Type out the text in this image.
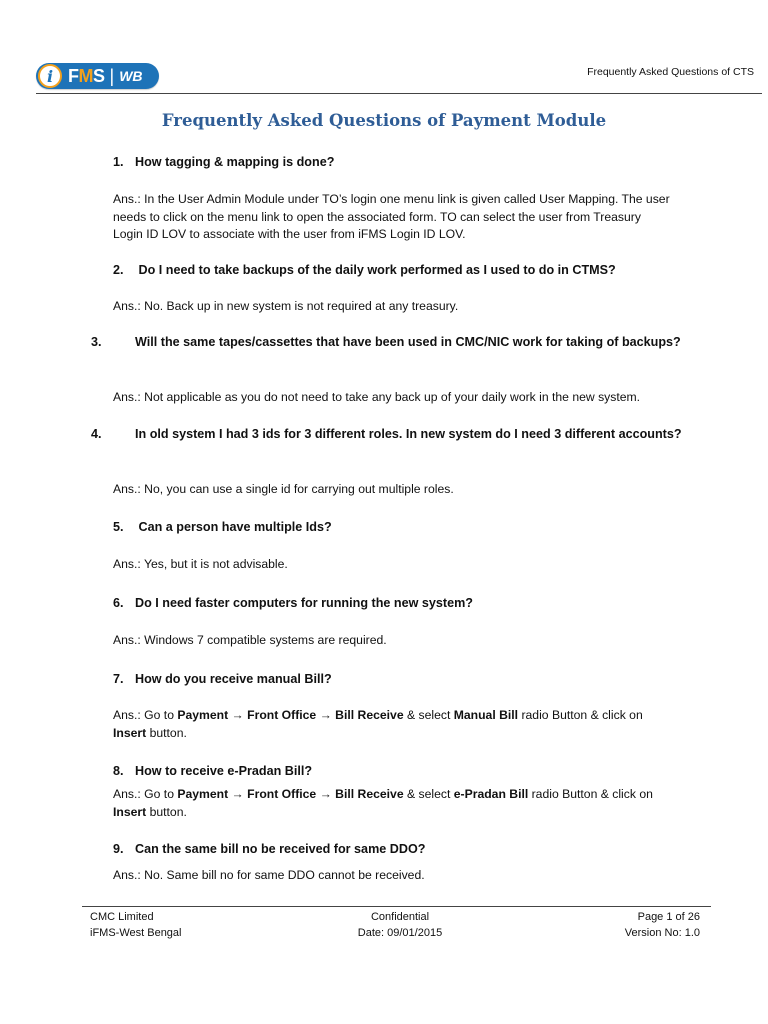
i FMS | WB	Frequently Asked Questions of CTS
Frequently Asked Questions of Payment Module
1. How tagging & mapping is done?
Ans.: In the User Admin Module under TO’s login one menu link is given called User Mapping. The user needs to click on the menu link to open the associated form. TO can select the user from Treasury Login ID LOV to associate with the user from iFMS Login ID LOV.
2. Do I need to take backups of the daily work performed as I used to do in CTMS?
Ans.: No. Back up in new system is not required at any treasury.
3.	Will the same tapes/cassettes that have been used in CMC/NIC work for taking of backups?
Ans.: Not applicable as you do not need to take any back up of your daily work in the new system.
4.	In old system I had 3 ids for 3 different roles. In new system do I need 3 different accounts?
Ans.: No, you can use a single id for carrying out multiple roles.
5. Can a person have multiple Ids?
Ans.: Yes, but it is not advisable.
6. Do I need faster computers for running the new system?
Ans.: Windows 7 compatible systems are required.
7. How do you receive manual Bill?
Ans.: Go to Payment → Front Office → Bill Receive & select Manual Bill radio Button & click on Insert button.
8. How to receive e-Pradan Bill?
Ans.: Go to Payment → Front Office → Bill Receive & select e-Pradan Bill radio Button & click on Insert button.
9. Can the same bill no be received for same DDO?
Ans.: No. Same bill no for same DDO cannot be received.
CMC Limited
iFMS-West Bengal
Confidential
Date: 09/01/2015
Page 1 of 26
Version No: 1.0
